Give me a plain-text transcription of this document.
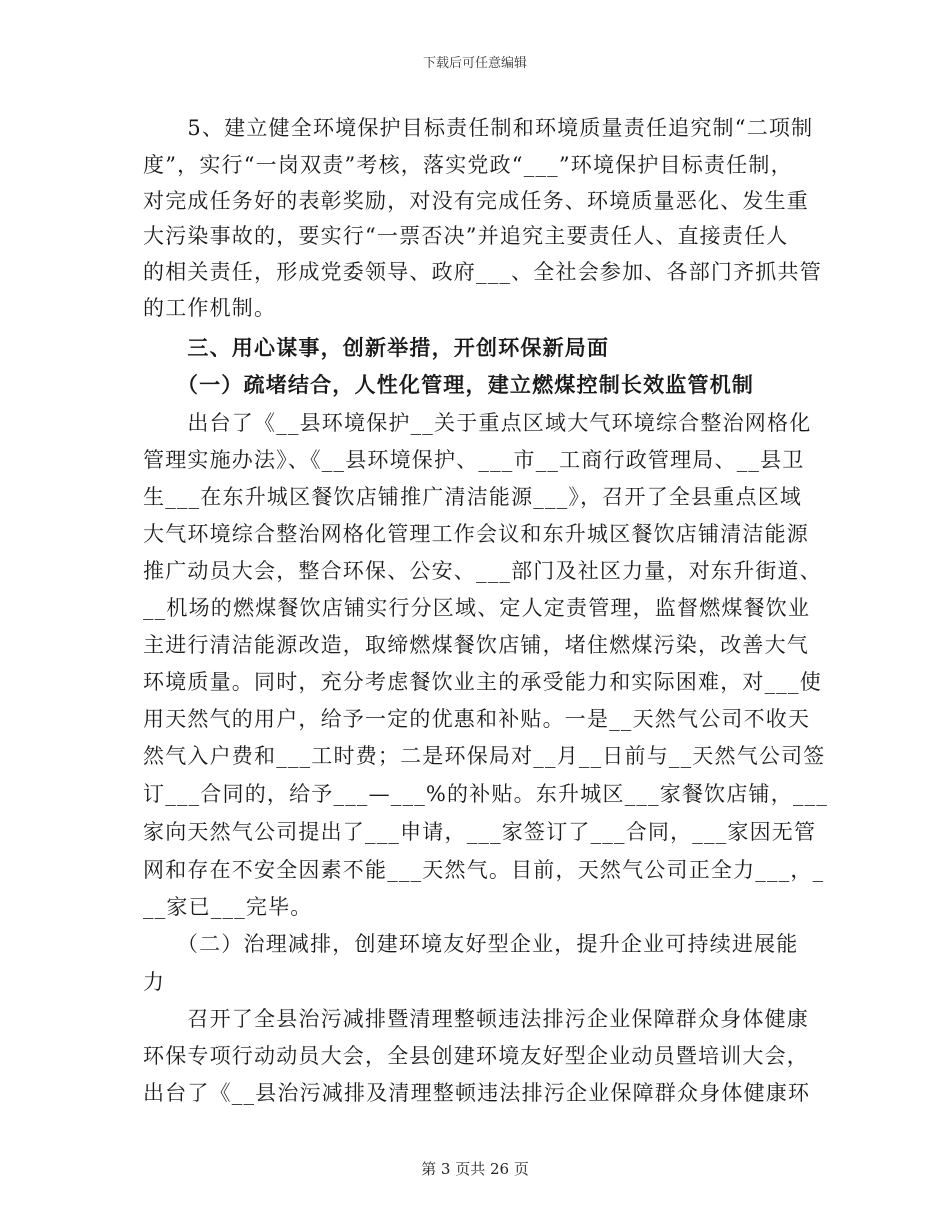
下载后可任意编辑
　　5、建立健全环境保护目标责任制和环境质量责任追究制“二项制
度”，实行“一岗双责”考核，落实党政“___”环境保护目标责任制，
对完成任务好的表彰奖励，对没有完成任务、环境质量恶化、发生重
大污染事故的，要实行“一票否决”并追究主要责任人、直接责任人
的相关责任，形成党委领导、政府___、全社会参加、各部门齐抓共管
的工作机制。
　　三、用心谋事，创新举措，开创环保新局面
　　（一）疏堵结合，人性化管理，建立燃煤控制长效监管机制
　　出台了《__县环境保护__关于重点区域大气环境综合整治网格化
管理实施办法》、《__县环境保护、___市__工商行政管理局、__县卫
生___在东升城区餐饮店铺推广清洁能源___》，召开了全县重点区域
大气环境综合整治网格化管理工作会议和东升城区餐饮店铺清洁能源
推广动员大会，整合环保、公安、___部门及社区力量，对东升街道、
__机场的燃煤餐饮店铺实行分区域、定人定责管理，监督燃煤餐饮业
主进行清洁能源改造，取缔燃煤餐饮店铺，堵住燃煤污染，改善大气
环境质量。同时，充分考虑餐饮业主的承受能力和实际困难，对___使
用天然气的用户，给予一定的优惠和补贴。一是__天然气公司不收天
然气入户费和___工时费；二是环保局对__月__日前与__天然气公司签
订___合同的，给予___—___%的补贴。东升城区___家餐饮店铺，___
家向天然气公司提出了___申请，___家签订了___合同，___家因无管
网和存在不安全因素不能___天然气。目前，天然气公司正全力___，_
__家已___完毕。
　　（二）治理减排，创建环境友好型企业，提升企业可持续进展能
力
　　召开了全县治污减排暨清理整顿违法排污企业保障群众身体健康
环保专项行动动员大会，全县创建环境友好型企业动员暨培训大会，
出台了《__县治污减排及清理整顿违法排污企业保障群众身体健康环
第 3 页共 26 页
